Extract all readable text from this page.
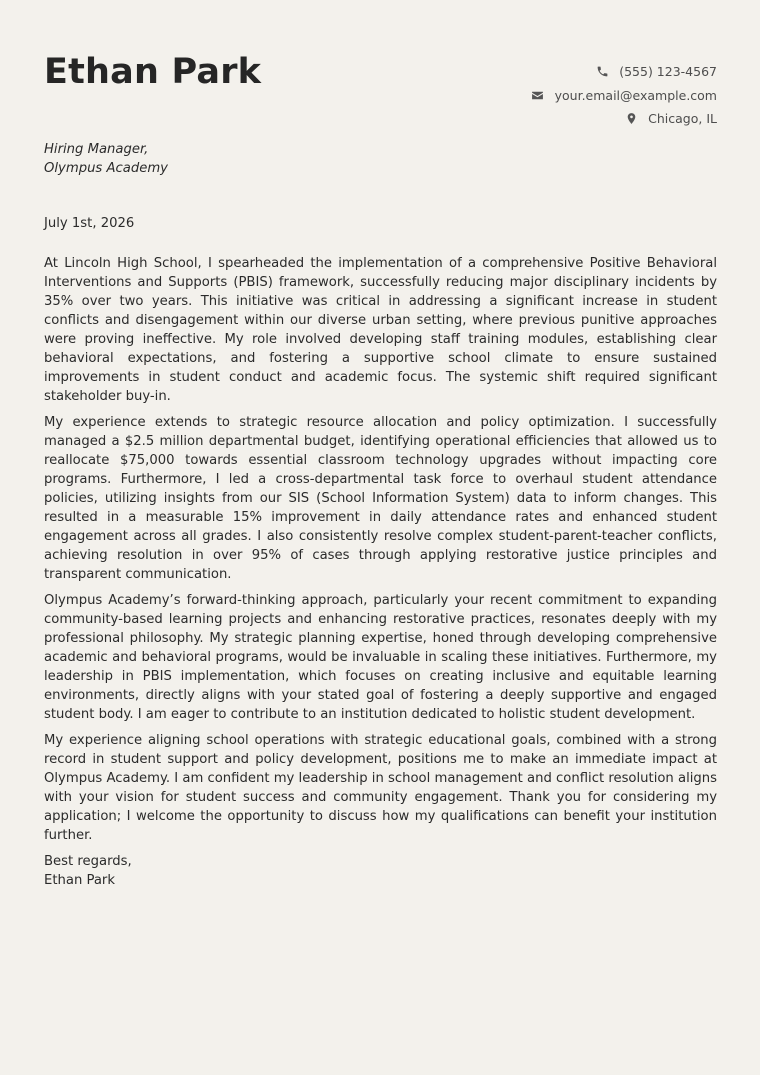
Ethan Park	(555) 123-4567
your.email@example.com
Chicago, IL
Hiring Manager,
Olympus Academy
July 1st, 2026

At Lincoln High School, I spearheaded the implementation of a comprehensive Positive Behavioral Interventions and Supports (PBIS) framework, successfully reducing major disciplinary incidents by 35% over two years. This initiative was critical in addressing a significant increase in student conflicts and disengagement within our diverse urban setting, where previous punitive approaches were proving ineffective. My role involved developing staff training modules, establishing clear behavioral expectations, and fostering a supportive school climate to ensure sustained improvements in student conduct and academic focus. The systemic shift required significant stakeholder buy-in.

My experience extends to strategic resource allocation and policy optimization. I successfully managed a $2.5 million departmental budget, identifying operational efficiencies that allowed us to reallocate $75,000 towards essential classroom technology upgrades without impacting core programs. Furthermore, I led a cross-departmental task force to overhaul student attendance policies, utilizing insights from our SIS (School Information System) data to inform changes. This resulted in a measurable 15% improvement in daily attendance rates and enhanced student engagement across all grades. I also consistently resolve complex student-parent-teacher conflicts, achieving resolution in over 95% of cases through applying restorative justice principles and transparent communication.

Olympus Academy’s forward-thinking approach, particularly your recent commitment to expanding community-based learning projects and enhancing restorative practices, resonates deeply with my professional philosophy. My strategic planning expertise, honed through developing comprehensive academic and behavioral programs, would be invaluable in scaling these initiatives. Furthermore, my leadership in PBIS implementation, which focuses on creating inclusive and equitable learning environments, directly aligns with your stated goal of fostering a deeply supportive and engaged student body. I am eager to contribute to an institution dedicated to holistic student development.

My experience aligning school operations with strategic educational goals, combined with a strong record in student support and policy development, positions me to make an immediate impact at Olympus Academy. I am confident my leadership in school management and conflict resolution aligns with your vision for student success and community engagement. Thank you for considering my application; I welcome the opportunity to discuss how my qualifications can benefit your institution further.

Best regards,
Ethan Park
